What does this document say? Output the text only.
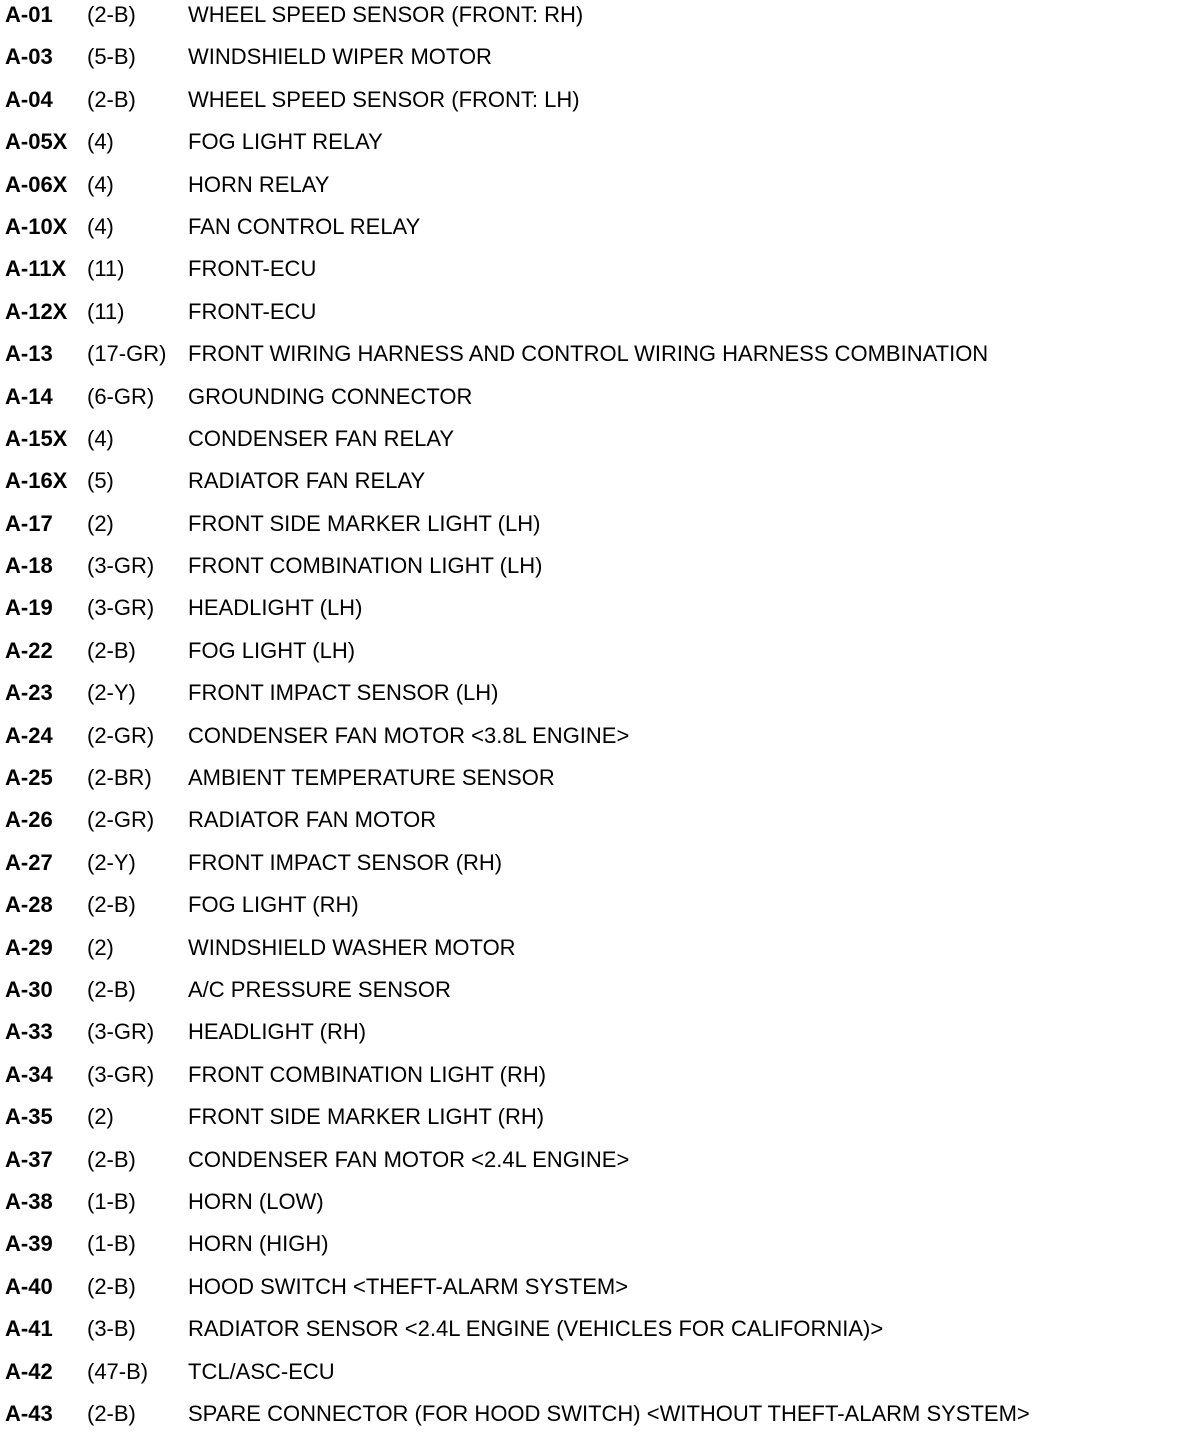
A-01 (2-B) WHEEL SPEED SENSOR (FRONT: RH)
A-03 (5-B) WINDSHIELD WIPER MOTOR
A-04 (2-B) WHEEL SPEED SENSOR (FRONT: LH)
A-05X (4)	FOG LIGHT RELAY
A-06X (4)	HORN RELAY
A-10X (4)	FAN CONTROL RELAY
A-11X (11)	FRONT-ECU
A-12X (11)	FRONT-ECU
A-13 (17-GR) FRONT WIRING HARNESS AND CONTROL WIRING HARNESS COMBINATION
A-14 (6-GR) GROUNDING CONNECTOR
A-15X (4)	CONDENSER FAN RELAY
A-16X (5)	RADIATOR FAN RELAY
A-17 (2)	FRONT SIDE MARKER LIGHT (LH)
A-18 (3-GR) FRONT COMBINATION LIGHT (LH)
A-19 (3-GR) HEADLIGHT (LH)
A-22 (2-B) FOG LIGHT (LH)
A-23 (2-Y) FRONT IMPACT SENSOR (LH)
A-24 (2-GR) CONDENSER FAN MOTOR <3.8L ENGINE>
A-25 (2-BR) AMBIENT TEMPERATURE SENSOR
A-26 (2-GR) RADIATOR FAN MOTOR
A-27 (2-Y) FRONT IMPACT SENSOR (RH)
A-28 (2-B) FOG LIGHT (RH)
A-29 (2)	WINDSHIELD WASHER MOTOR
A-30 (2-B) A/C PRESSURE SENSOR
A-33 (3-GR) HEADLIGHT (RH)
A-34 (3-GR) FRONT COMBINATION LIGHT (RH)
A-35 (2)	FRONT SIDE MARKER LIGHT (RH)
A-37 (2-B) CONDENSER FAN MOTOR <2.4L ENGINE>
A-38 (1-B) HORN (LOW)
A-39 (1-B) HORN (HIGH)
A-40 (2-B) HOOD SWITCH <THEFT-ALARM SYSTEM>
A-41 (3-B) RADIATOR SENSOR <2.4L ENGINE (VEHICLES FOR CALIFORNIA)>
A-42 (47-B) TCL/ASC-ECU
A-43 (2-B) SPARE CONNECTOR (FOR HOOD SWITCH) <WITHOUT THEFT-ALARM SYSTEM>
